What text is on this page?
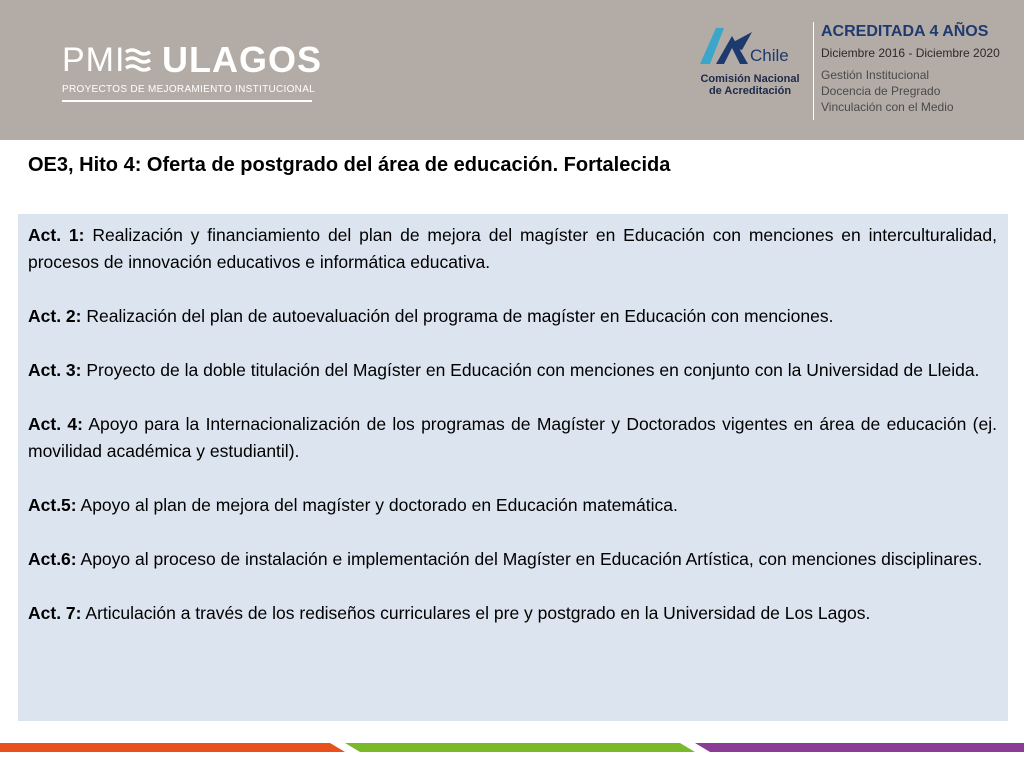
PMI ULAGOS
PROYECTOS DE MEJORAMIENTO INSTITUCIONAL
Chile
Comisión Nacional
de Acreditación
ACREDITADA 4 AÑOS
Diciembre 2016 - Diciembre 2020
Gestión Institucional
Docencia de Pregrado
Vinculación con el Medio
OE3, Hito 4: Oferta de postgrado del área de educación. Fortalecida

Act. 1: Realización y financiamiento del plan de mejora del magíster en Educación con menciones en interculturalidad, procesos de innovación educativos e informática educativa.

Act. 2: Realización del plan de autoevaluación del programa de magíster en Educación con menciones.

Act. 3: Proyecto de la doble titulación del Magíster en Educación con menciones en conjunto con la Universidad de Lleida.

Act. 4: Apoyo para la Internacionalización de los programas de Magíster y Doctorados vigentes en área de educación (ej. movilidad académica y estudiantil).

Act.5: Apoyo al plan de mejora del magíster y doctorado en Educación matemática.

Act.6: Apoyo al proceso de instalación e implementación del Magíster en Educación Artística, con menciones disciplinares.

Act. 7: Articulación a través de los rediseños curriculares el pre y postgrado en la Universidad de Los Lagos.
